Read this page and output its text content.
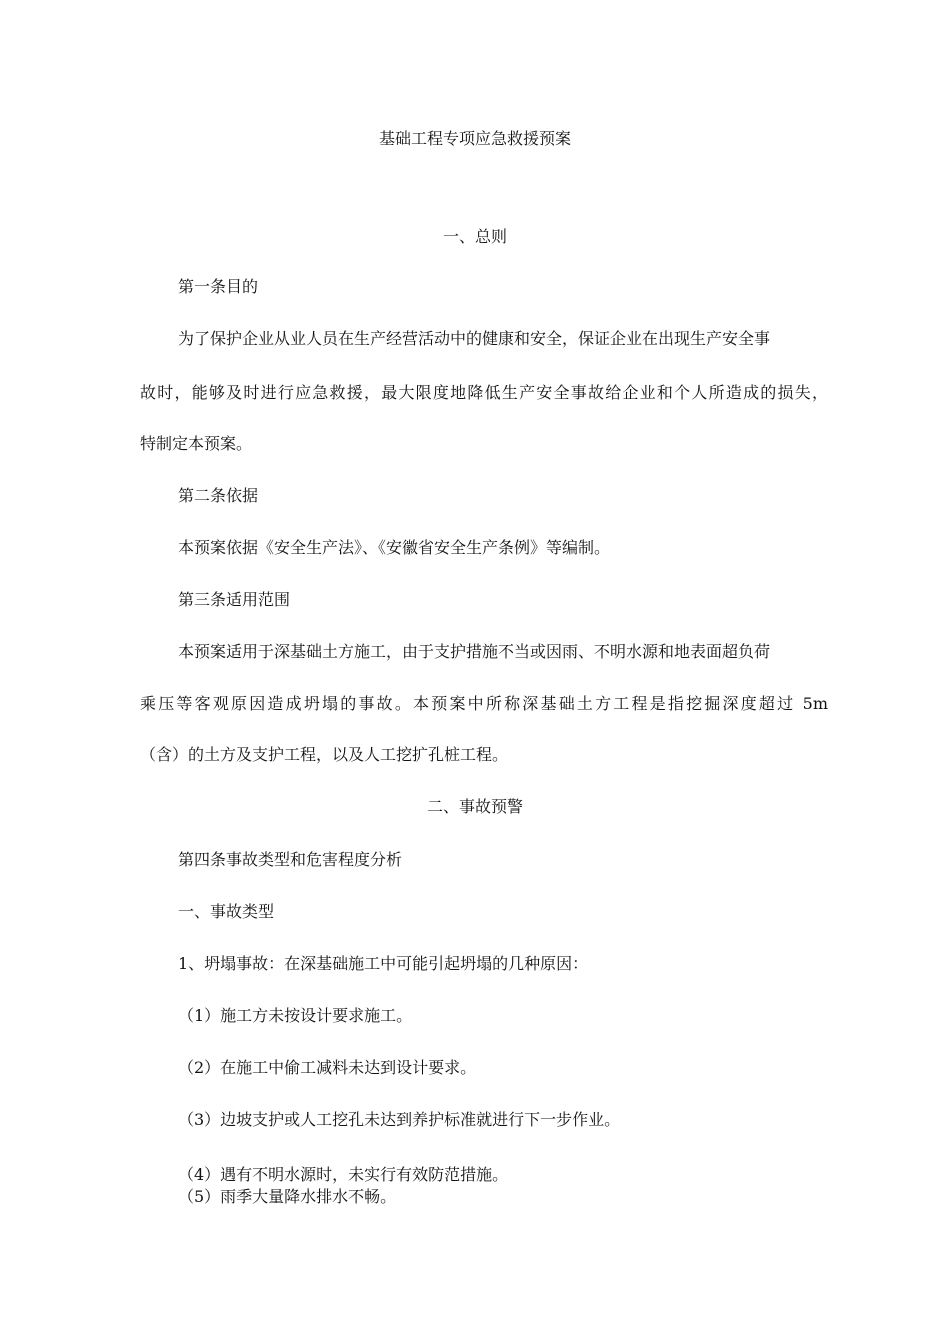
基础工程专项应急救援预案

一、总则

第一条目的

为了保护企业从业人员在生产经营活动中的健康和安全，保证企业在出现生产安全事

故时，能够及时进行应急救援，最大限度地降低生产安全事故给企业和个人所造成的损失，

特制定本预案。

第二条依据

本预案依据《安全生产法》、《安徽省安全生产条例》等编制。

第三条适用范围

本预案适用于深基础土方施工，由于支护措施不当或因雨、不明水源和地表面超负荷

乘压等客观原因造成坍塌的事故。本预案中所称深基础土方工程是指挖掘深度超过 5m

（含）的土方及支护工程，以及人工挖扩孔桩工程。

二、事故预警

第四条事故类型和危害程度分析

一、事故类型

1、坍塌事故：在深基础施工中可能引起坍塌的几种原因：

（1）施工方未按设计要求施工。

（2）在施工中偷工减料未达到设计要求。

（3）边坡支护或人工挖孔未达到养护标准就进行下一步作业。

（4）遇有不明水源时，未实行有效防范措施。

（5）雨季大量降水排水不畅。
